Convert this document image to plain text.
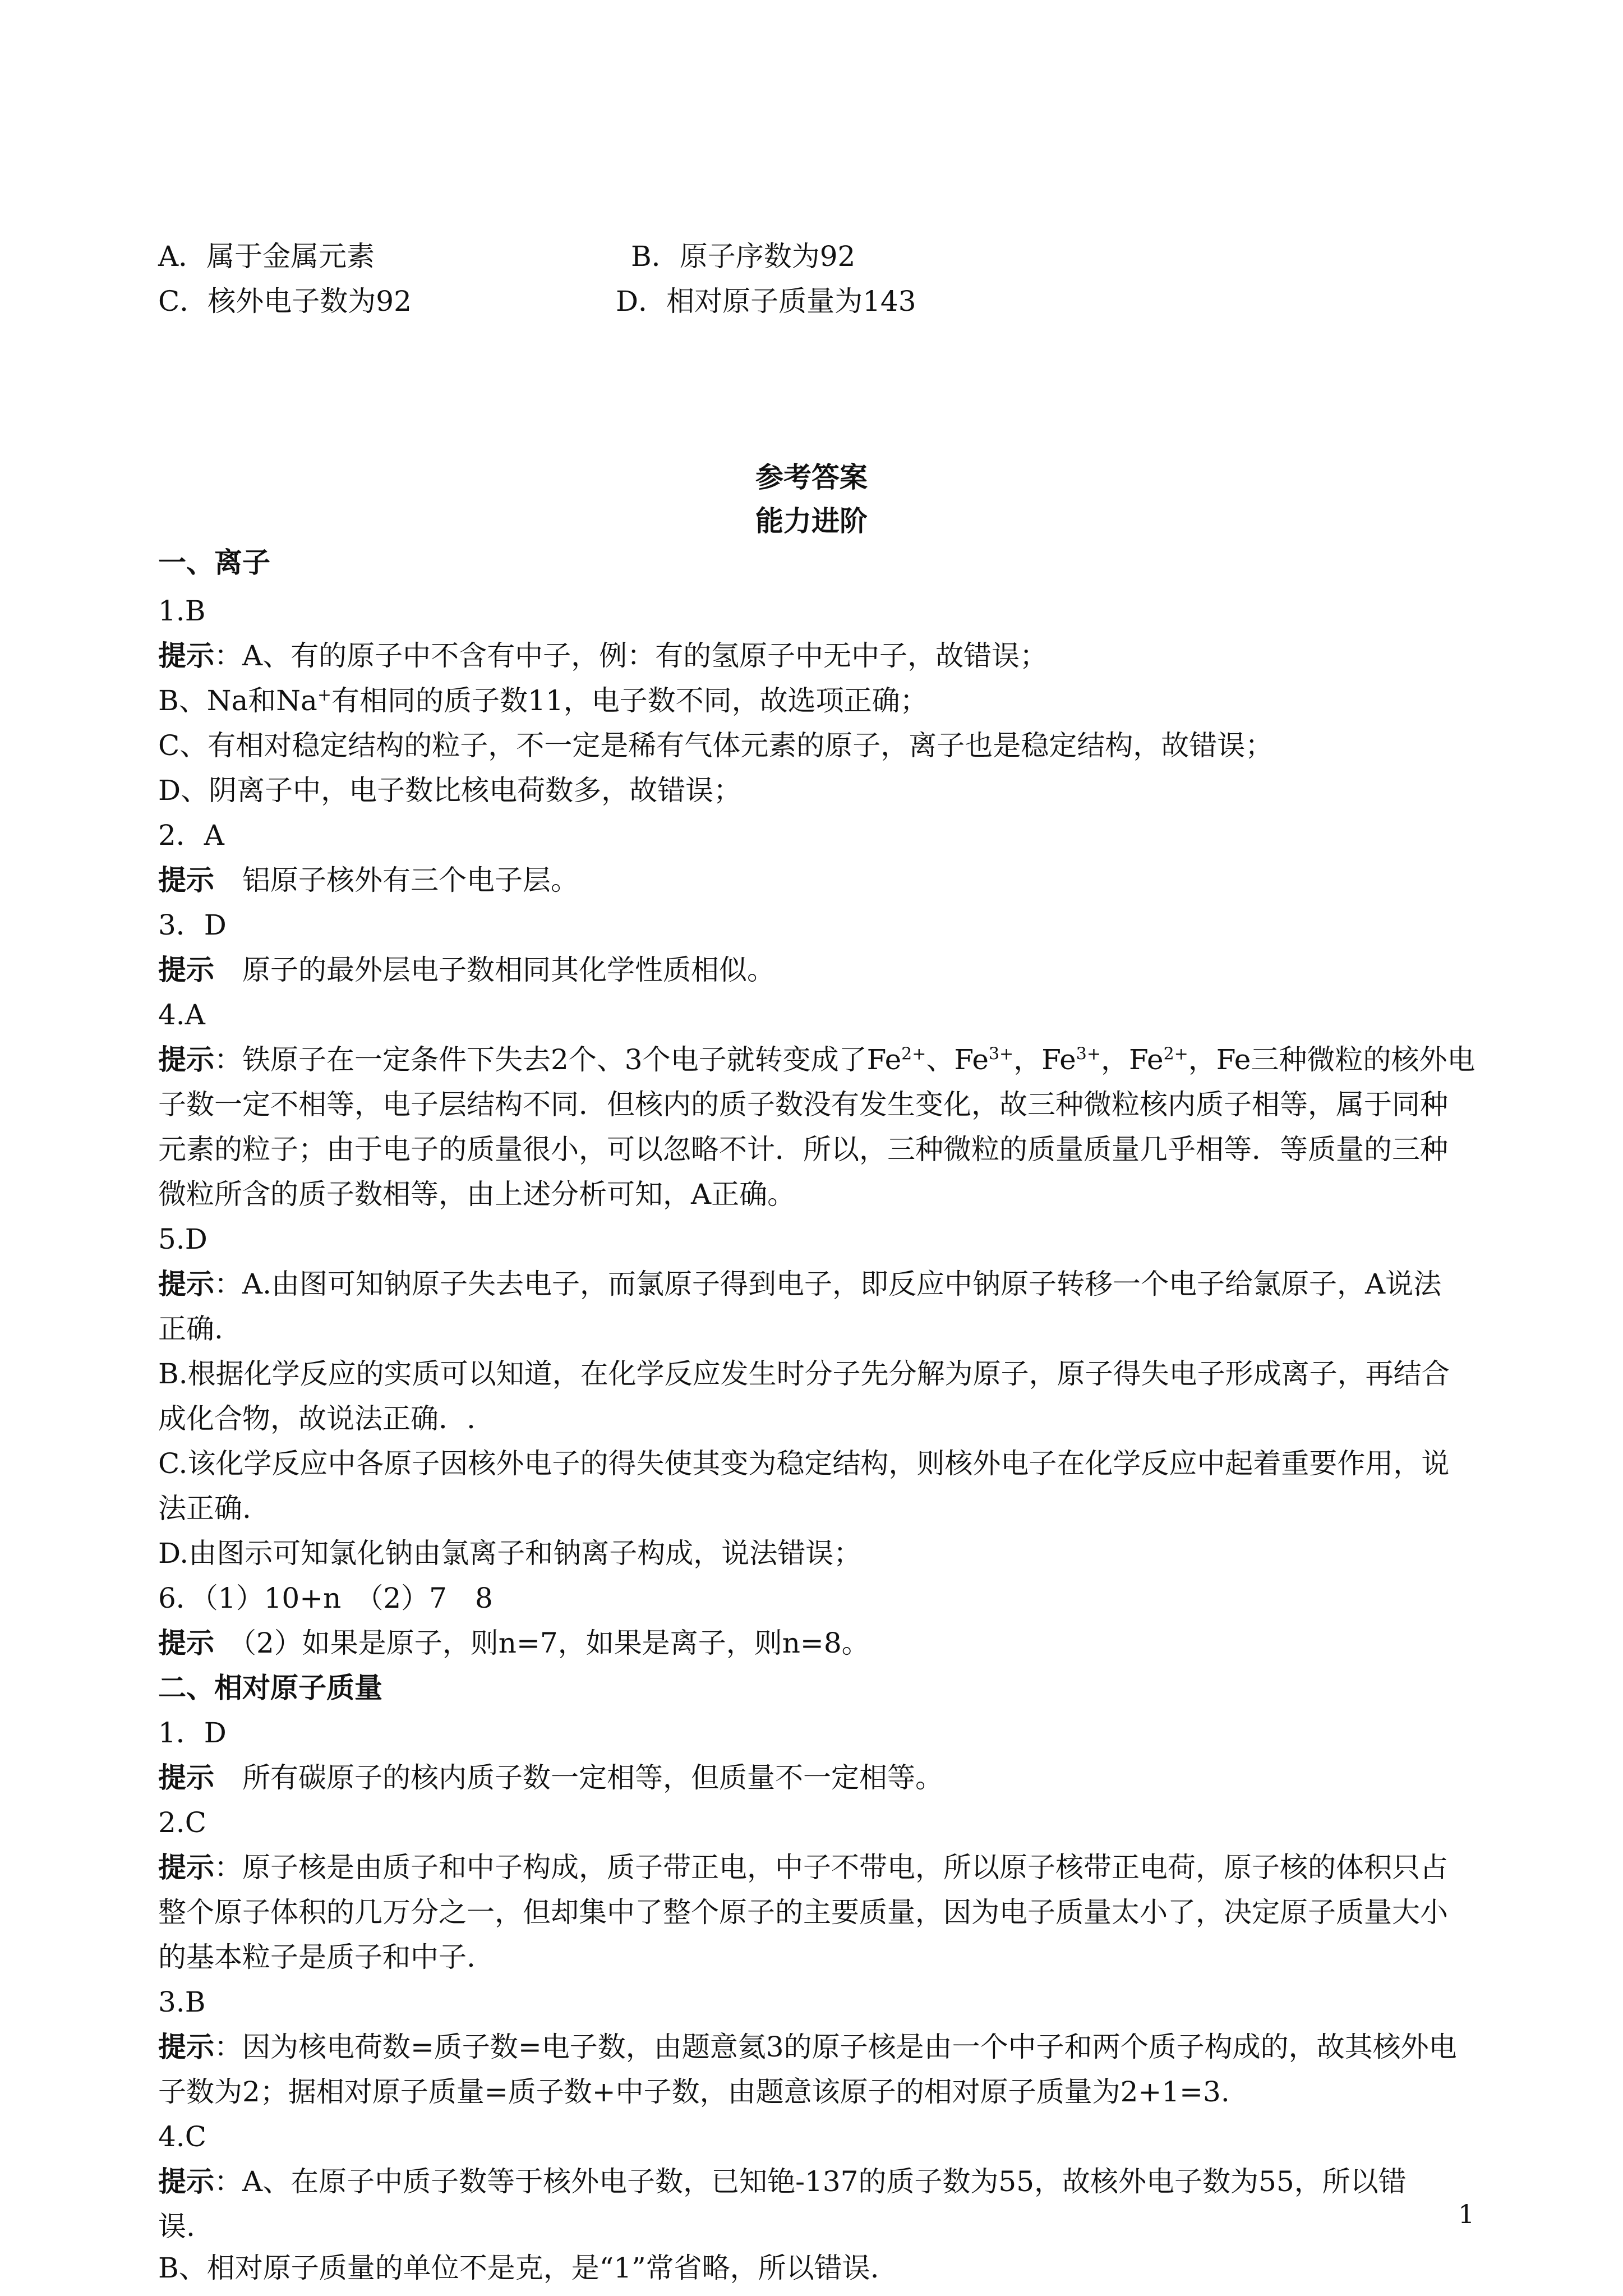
A．属于金属元素	B．原子序数为92
C．核外电子数为92	D．相对原子质量为143
参考答案
能力进阶
一、离子
1.B
提示：A、有的原子中不含有中子，例：有的氢原子中无中子，故错误；
B、Na和Na+有相同的质子数11，电子数不同，故选项正确；
C、有相对稳定结构的粒子，不一定是稀有气体元素的原子，离子也是稳定结构，故错误；
D、阴离子中，电子数比核电荷数多，故错误；
2．A
提示　铝原子核外有三个电子层。
3．D
提示　原子的最外层电子数相同其化学性质相似。
4.A
提示：铁原子在一定条件下失去2个、3个电子就转变成了$Fe^{2+}$、$Fe^{3+}$，$Fe^{3+}$，$Fe^{2+}$，Fe三种微粒的核外电
子数一定不相等，电子层结构不同．但核内的质子数没有发生变化，故三种微粒核内质子相等，属于同种
元素的粒子；由于电子的质量很小，可以忽略不计．所以，三种微粒的质量质量几乎相等．等质量的三种
微粒所含的质子数相等，由上述分析可知，A正确。
5.D
提示：A.由图可知钠原子失去电子，而氯原子得到电子，即反应中钠原子转移一个电子给氯原子，A说法
正确.
B.根据化学反应的实质可以知道，在化学反应发生时分子先分解为原子，原子得失电子形成离子，再结合
成化合物，故说法正确．.
C.该化学反应中各原子因核外电子的得失使其变为稳定结构，则核外电子在化学反应中起着重要作用，说
法正确.
D.由图示可知氯化钠由氯离子和钠离子构成，说法错误；
6．（1）10+n　（2）7　8
提示　（2）如果是原子，则n=7，如果是离子，则n=8。
二、相对原子质量
1．D
提示　所有碳原子的核内质子数一定相等，但质量不一定相等。
2.C
提示：原子核是由质子和中子构成，质子带正电，中子不带电，所以原子核带正电荷，原子核的体积只占
整个原子体积的几万分之一，但却集中了整个原子的主要质量，因为电子质量太小了，决定原子质量大小
的基本粒子是质子和中子.
3.B
提示：因为核电荷数=质子数=电子数，由题意氦3的原子核是由一个中子和两个质子构成的，故其核外电
子数为2；据相对原子质量=质子数+中子数，由题意该原子的相对原子质量为2+1=3.
4.C
提示：A、在原子中质子数等于核外电子数，已知铯-137的质子数为55，故核外电子数为55，所以错
误.
B、相对原子质量的单位不是克，是“1”常省略，所以错误.
1
